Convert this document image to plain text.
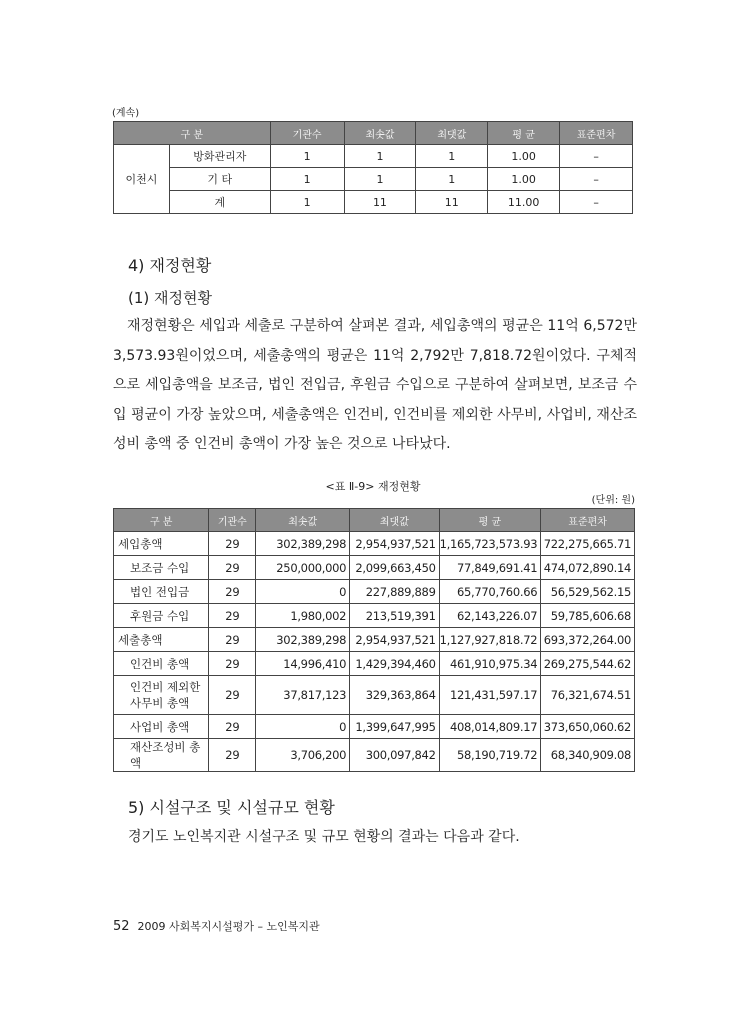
(계속)
구 분		기관수	최솟값	최댓값	평 균	표준편차
이천시	방화관리자	1	1	1	1.00	–
	기 타	1	1	1	1.00	–
	계	1	11	11	11.00	–
4) 재정현황
(1) 재정현황
재정현황은 세입과 세출로 구분하여 살펴본 결과, 세입총액의 평균은 11억 6,572만 3,573.93원이었으며, 세출총액의 평균은 11억 2,792만 7,818.72원이었다. 구체적으로 세입총액을 보조금, 법인 전입금, 후원금 수입으로 구분하여 살펴보면, 보조금 수입 평균이 가장 높았으며, 세출총액은 인건비, 인건비를 제외한 사무비, 사업비, 재산조성비 총액 중 인건비 총액이 가장 높은 것으로 나타났다.
<표 Ⅱ-9> 재정현황
(단위: 원)
구 분	기관수	최솟값	최댓값	평 균	표준편차
세입총액	29	302,389,298	2,954,937,521	1,165,723,573.93	722,275,665.71
보조금 수입	29	250,000,000	2,099,663,450	77,849,691.41	474,072,890.14
법인 전입금	29	0	227,889,889	65,770,760.66	56,529,562.15
후원금 수입	29	1,980,002	213,519,391	62,143,226.07	59,785,606.68
세출총액	29	302,389,298	2,954,937,521	1,127,927,818.72	693,372,264.00
인건비 총액	29	14,996,410	1,429,394,460	461,910,975.34	269,275,544.62
인건비 제외한 사무비 총액	29	37,817,123	329,363,864	121,431,597.17	76,321,674.51
사업비 총액	29	0	1,399,647,995	408,014,809.17	373,650,060.62
재산조성비 총액	29	3,706,200	300,097,842	58,190,719.72	68,340,909.08
5) 시설구조 및 시설규모 현황
경기도 노인복지관 시설구조 및 규모 현황의 결과는 다음과 같다.
52 2009 사회복지시설평가 – 노인복지관
